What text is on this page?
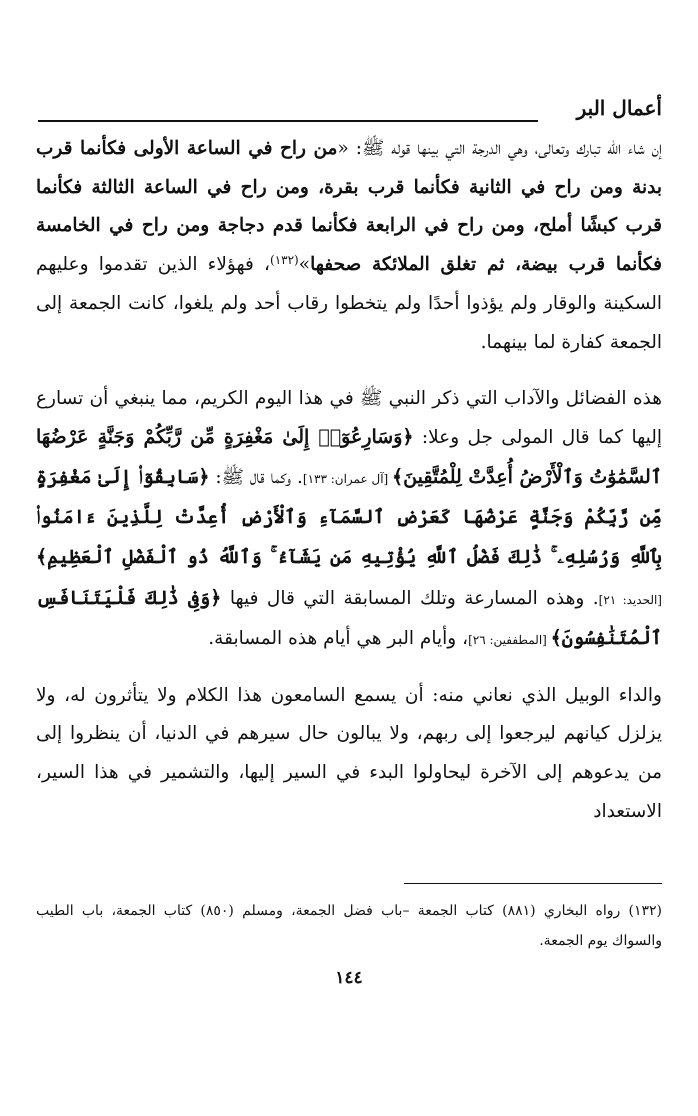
أعمال البر

إن شاء الله تبارك وتعالى، وهي الدرجة التي بينها قوله ﷺ: «من راح في الساعة الأولى فكأنما قرب بدنة ومن راح في الثانية فكأنما قرب بقرة، ومن راح في الساعة الثالثة فكأنما قرب كبشًا أملح، ومن راح في الرابعة فكأنما قدم دجاجة ومن راح في الخامسة فكأنما قرب بيضة، ثم تغلق الملائكة صحفها»$^{(١٣٢)}$، فهؤلاء الذين تقدموا وعليهم السكينة والوقار ولم يؤذوا أحدًا ولم يتخطوا رقاب أحد ولم يلغوا، كانت الجمعة إلى الجمعة كفارة لما بينهما.

هذه الفضائل والآداب التي ذكر النبي ﷺ في هذا اليوم الكريم، مما ينبغي أن تسارع إليها كما قال المولى جل وعلا: ﴿وَسَارِعُوٓا۟ إِلَىٰ مَغْفِرَةٍ مِّن رَّبِّكُمْ وَجَنَّةٍ عَرْضُهَا ٱلسَّمَٰوَٰتُ وَٱلْأَرْضُ أُعِدَّتْ لِلْمُتَّقِينَ﴾ [آل عمران: ١٣٣]. وكما قال ﷺ: ﴿سَابِقُوٓا۟ إِلَىٰ مَغْفِرَةٍ مِّن رَّبِّكُمْ وَجَنَّةٍ عَرْضُهَا كَعَرْضِ ٱلسَّمَآءِ وَٱلْأَرْضِ أُعِدَّتْ لِلَّذِينَ ءَامَنُوا۟ بِٱللَّهِ وَرُسُلِهِۦ ۚ ذَٰلِكَ فَضْلُ ٱللَّهِ يُؤْتِيهِ مَن يَشَآءُ ۚ وَٱللَّهُ ذُو ٱلْفَضْلِ ٱلْعَظِيمِ﴾ [الحديد: ٢١]. وهذه المسارعة وتلك المسابقة التي قال فيها ﴿وَفِى ذَٰلِكَ فَلْيَتَنَافَسِ ٱلْمُتَنَٰفِسُونَ﴾ [المطففين: ٢٦]، وأيام البر هي أيام هذه المسابقة.

والداء الوبيل الذي نعاني منه: أن يسمع السامعون هذا الكلام ولا يتأثرون له، ولا يزلزل كيانهم ليرجعوا إلى ربهم، ولا يبالون حال سيرهم في الدنيا، أن ينظروا إلى من يدعوهم إلى الآخرة ليحاولوا البدء في السير إليها، والتشمير في هذا السير، الاستعداد

(١٣٢) رواه البخاري (٨٨١) كتاب الجمعة –باب فضل الجمعة، ومسلم (٨٥٠) كتاب الجمعة، باب الطيب والسواك يوم الجمعة.

١٤٤
